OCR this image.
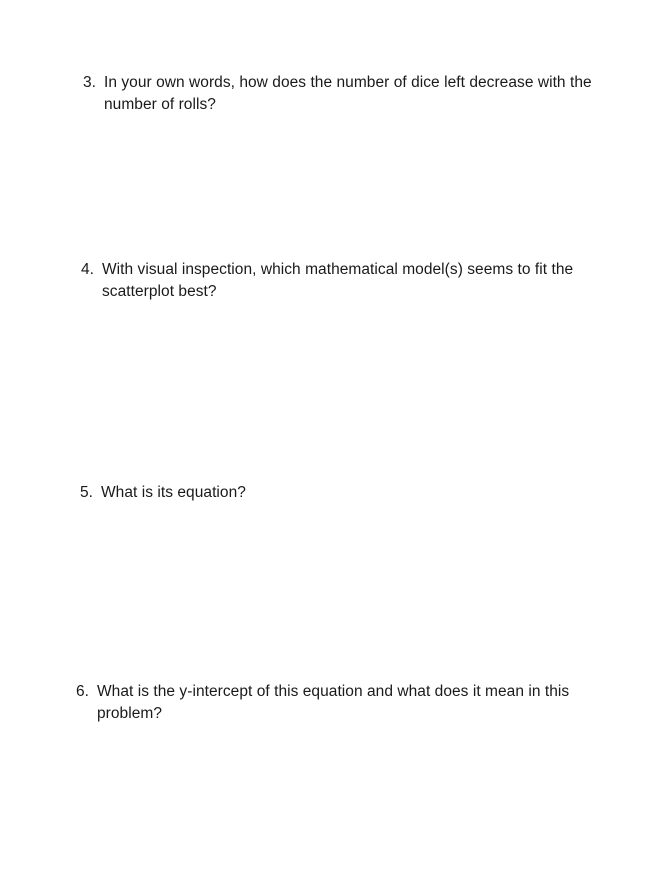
3. In your own words, how does the number of dice left decrease with the number of rolls?
4. With visual inspection, which mathematical model(s) seems to fit the scatterplot best?
5. What is its equation?
6. What is the y-intercept of this equation and what does it mean in this problem?
